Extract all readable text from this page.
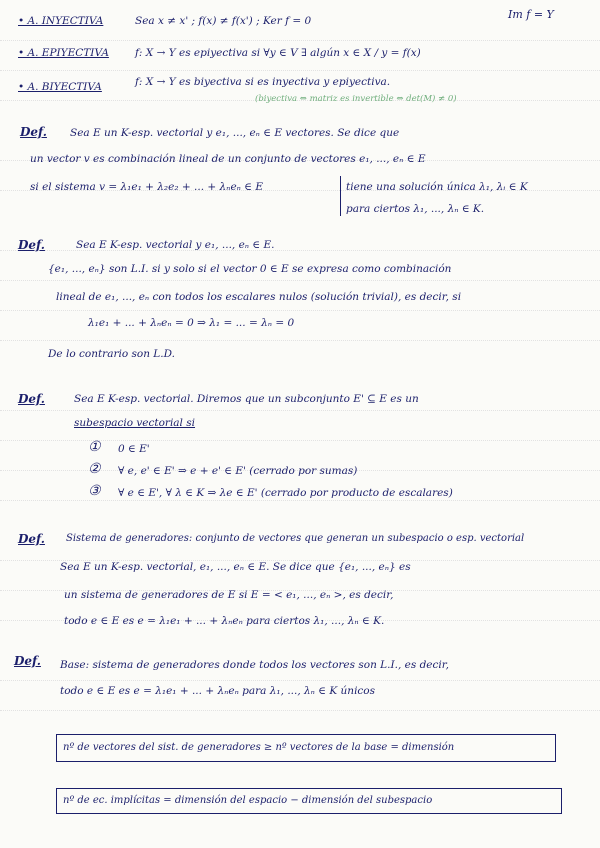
• A. INYECTIVA	Sea x ≠ x' ; f(x) ≠ f(x') ; Ker f = 0	Im f = Y
• A. EPIYECTIVA f: X → Y es epiyectiva si ∀y ∈ V ∃ algún x ∈ X / y = f(x)
• A. BIYECTIVA	f: X → Y es biyectiva si es inyectiva y epiyectiva.
(biyectiva ⇔ matriz es invertible ⇔ det(M) ≠ 0)
Def. Sea E un K-esp. vectorial y e₁, ..., eₙ ∈ E vectores. Se dice que
un vector v es combinación lineal de un conjunto de vectores e₁, ..., eₙ ∈ E
si el sistema v = λ₁e₁ + λ₂e₂ + ... + λₙeₙ ∈ E	tiene una solución única λ₁, λᵢ ∈ K
para ciertos λ₁, ..., λₙ ∈ K.
Def.	Sea E K-esp. vectorial y e₁, ..., eₙ ∈ E.
{e₁, ..., eₙ} son L.I. si y solo si el vector 0 ∈ E se expresa como combinación
lineal de e₁, ..., eₙ con todos los escalares nulos (solución trivial), es decir, si
λ₁e₁ + ... + λₙeₙ = 0 ⇒ λ₁ = ... = λₙ = 0
De lo contrario son L.D.
Def.	Sea E K-esp. vectorial. Diremos que un subconjunto E' ⊆ E es un
subespacio vectorial si
① 0 ∈ E'
② ∀ e, e' ∈ E' ⇒ e + e' ∈ E' (cerrado por sumas)
③ ∀ e ∈ E', ∀ λ ∈ K ⇒ λe ∈ E' (cerrado por producto de escalares)
Def. Sistema de generadores: conjunto de vectores que generan un subespacio o esp. vectorial
Sea E un K-esp. vectorial, e₁, ..., eₙ ∈ E. Se dice que {e₁, ..., eₙ} es
un sistema de generadores de E si E = < e₁, ..., eₙ >, es decir,
todo e ∈ E es e = λ₁e₁ + ... + λₙeₙ para ciertos λ₁, ..., λₙ ∈ K.
Def. Base: sistema de generadores donde todos los vectores son L.I., es decir,
todo e ∈ E es e = λ₁e₁ + ... + λₙeₙ para λ₁, ..., λₙ ∈ K únicos
nº de vectores del sist. de generadores ≥ nº vectores de la base = dimensión
nº de ec. implícitas = dimensión del espacio − dimensión del subespacio
